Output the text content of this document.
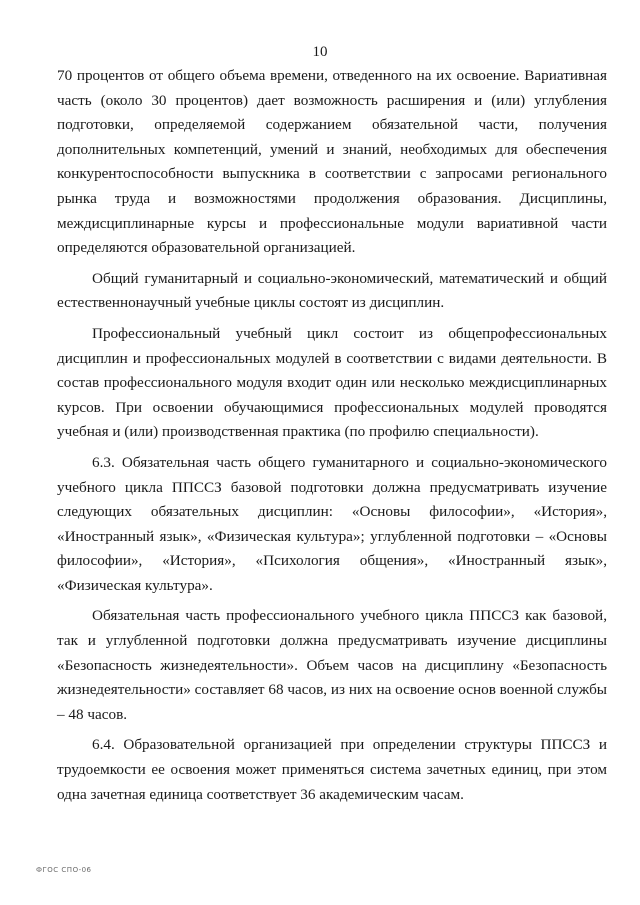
10

70 процентов от общего объема времени, отведенного на их освоение. Вариативная часть (около 30 процентов) дает возможность расширения и (или) углубления подготовки, определяемой содержанием обязательной части, получения дополнительных компетенций, умений и знаний, необходимых для обеспечения конкурентоспособности выпускника в соответствии с запросами регионального рынка труда и возможностями продолжения образования. Дисциплины, междисциплинарные курсы и профессиональные модули вариативной части определяются образовательной организацией.

Общий гуманитарный и социально-экономический, математический и общий естественнонаучный учебные циклы состоят из дисциплин.

Профессиональный учебный цикл состоит из общепрофессиональных дисциплин и профессиональных модулей в соответствии с видами деятельности. В состав профессионального модуля входит один или несколько междисциплинарных курсов. При освоении обучающимися профессиональных модулей проводятся учебная и (или) производственная практика (по профилю специальности).

6.3. Обязательная часть общего гуманитарного и социально-экономического учебного цикла ППССЗ базовой подготовки должна предусматривать изучение следующих обязательных дисциплин: «Основы философии», «История», «Иностранный язык», «Физическая культура»; углубленной подготовки – «Основы философии», «История», «Психология общения», «Иностранный язык», «Физическая культура».

Обязательная часть профессионального учебного цикла ППССЗ как базовой, так и углубленной подготовки должна предусматривать изучение дисциплины «Безопасность жизнедеятельности». Объем часов на дисциплину «Безопасность жизнедеятельности» составляет 68 часов, из них на освоение основ военной службы – 48 часов.

6.4. Образовательной организацией при определении структуры ППССЗ и трудоемкости ее освоения может применяться система зачетных единиц, при этом одна зачетная единица соответствует 36 академическим часам.

ФГОС СПО-06
